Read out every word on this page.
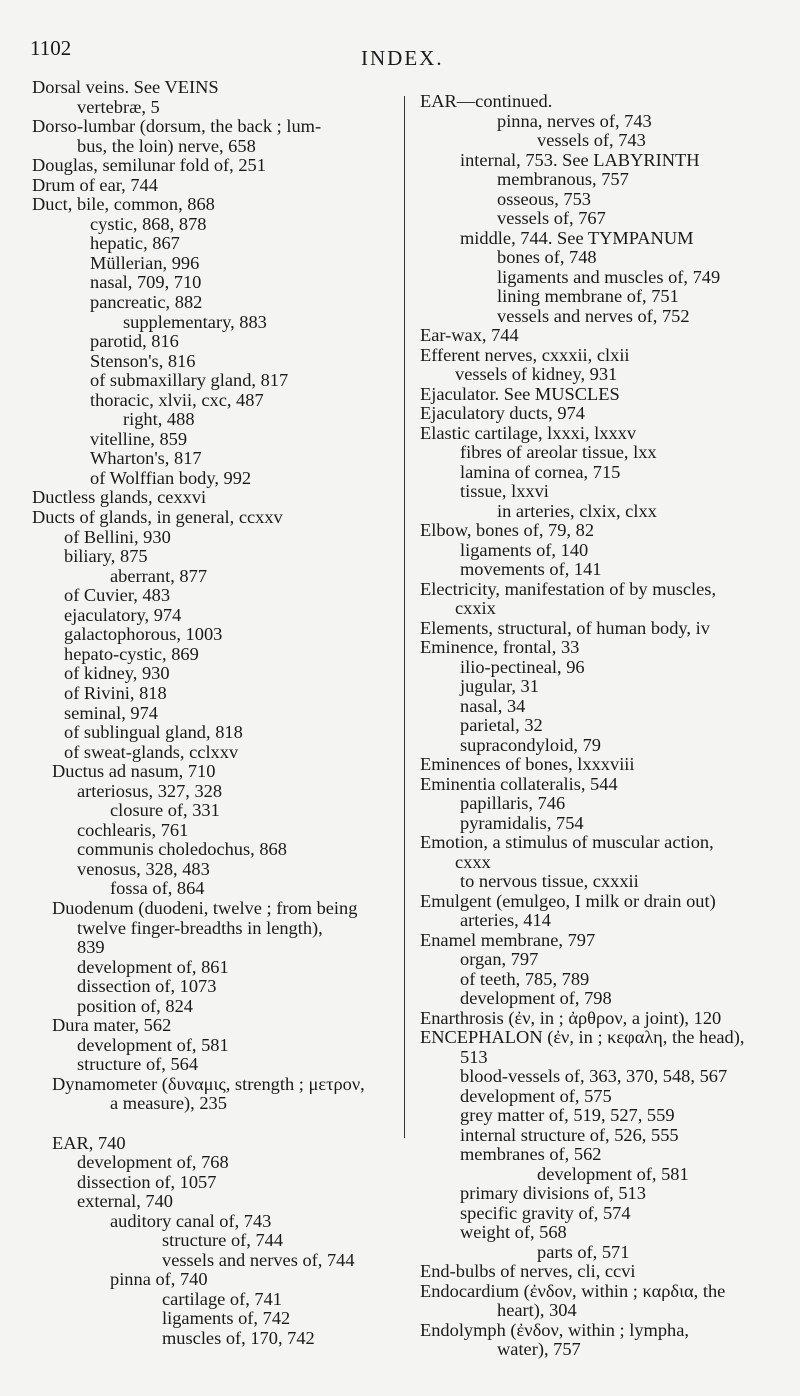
1102	INDEX.
Dorsal veins. See VEINS
vertebræ, 5
Dorso-lumbar (dorsum, the back ; lum-
bus, the loin) nerve, 658
Douglas, semilunar fold of, 251
Drum of ear, 744
Duct, bile, common, 868
cystic, 868, 878
hepatic, 867
Müllerian, 996
nasal, 709, 710
pancreatic, 882
supplementary, 883
parotid, 816
Stenson's, 816
of submaxillary gland, 817
thoracic, xlvii, cxc, 487
right, 488
vitelline, 859
Wharton's, 817
of Wolffian body, 992
Ductless glands, cexxvi
Ducts of glands, in general, ccxxv
of Bellini, 930
biliary, 875
aberrant, 877
of Cuvier, 483
ejaculatory, 974
galactophorous, 1003
hepato-cystic, 869
of kidney, 930
of Rivini, 818
seminal, 974
of sublingual gland, 818
of sweat-glands, cclxxv
Ductus ad nasum, 710
arteriosus, 327, 328
closure of, 331
cochlearis, 761
communis choledochus, 868
venosus, 328, 483
fossa of, 864
Duodenum (duodeni, twelve ; from being
twelve finger-breadths in length),
839
development of, 861
dissection of, 1073
position of, 824
Dura mater, 562
development of, 581
structure of, 564
Dynamometer (δυναμις, strength ; μετρον,
a measure), 235
EAR, 740
development of, 768
dissection of, 1057
external, 740
auditory canal of, 743
structure of, 744
vessels and nerves of, 744
pinna of, 740
cartilage of, 741
ligaments of, 742
muscles of, 170, 742
EAR—continued.
pinna, nerves of, 743
vessels of, 743
internal, 753. See LABYRINTH
membranous, 757
osseous, 753
vessels of, 767
middle, 744. See TYMPANUM
bones of, 748
ligaments and muscles of, 749
lining membrane of, 751
vessels and nerves of, 752
Ear-wax, 744
Efferent nerves, cxxxii, clxii
vessels of kidney, 931
Ejaculator. See MUSCLES
Ejaculatory ducts, 974
Elastic cartilage, lxxxi, lxxxv
fibres of areolar tissue, lxx
lamina of cornea, 715
tissue, lxxvi
in arteries, clxix, clxx
Elbow, bones of, 79, 82
ligaments of, 140
movements of, 141
Electricity, manifestation of by muscles,
cxxix
Elements, structural, of human body, iv
Eminence, frontal, 33
ilio-pectineal, 96
jugular, 31
nasal, 34
parietal, 32
supracondyloid, 79
Eminences of bones, lxxxviii
Eminentia collateralis, 544
papillaris, 746
pyramidalis, 754
Emotion, a stimulus of muscular action,
cxxx
to nervous tissue, cxxxii
Emulgent (emulgeo, I milk or drain out)
arteries, 414
Enamel membrane, 797
organ, 797
of teeth, 785, 789
development of, 798
Enarthrosis (ἐν, in ; ἀρθρον, a joint), 120
ENCEPHALON (ἐν, in ; κεφαλη, the head),
513
blood-vessels of, 363, 370, 548, 567
development of, 575
grey matter of, 519, 527, 559
internal structure of, 526, 555
membranes of, 562
development of, 581
primary divisions of, 513
specific gravity of, 574
weight of, 568
parts of, 571
End-bulbs of nerves, cli, ccvi
Endocardium (ἐνδον, within ; καρδια, the
heart), 304
Endolymph (ἐνδον, within ; lympha,
water), 757
